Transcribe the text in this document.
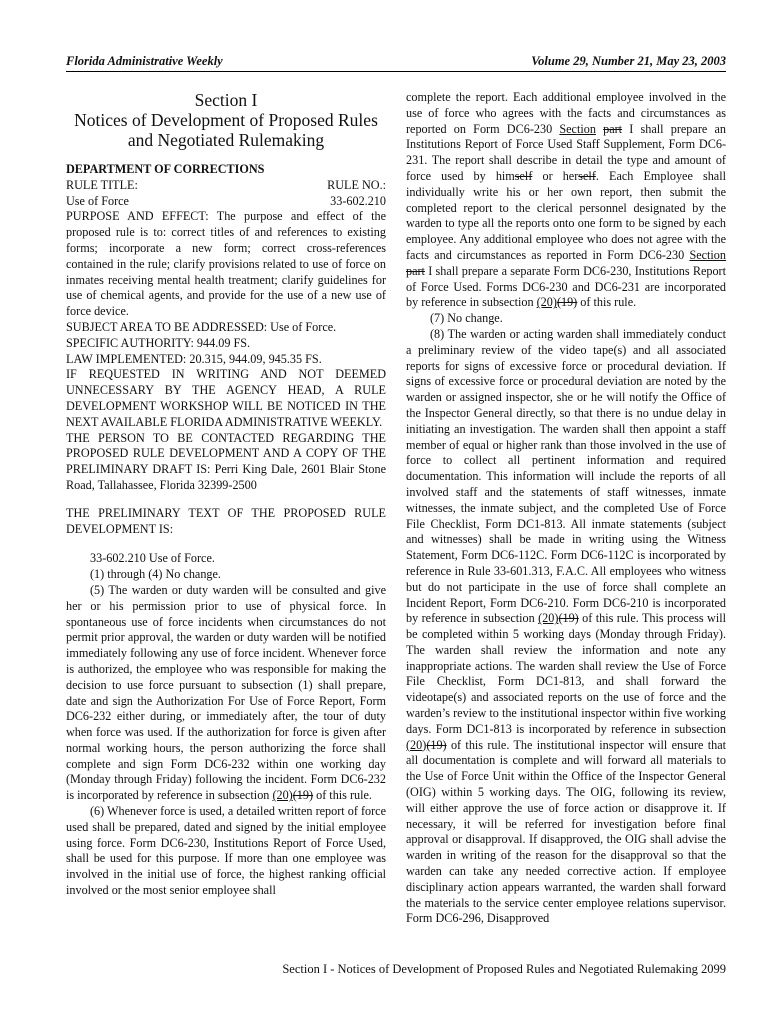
Florida Administrative Weekly	Volume 29, Number 21, May 23, 2003
Section I
Notices of Development of Proposed Rules
and Negotiated Rulemaking

DEPARTMENT OF CORRECTIONS

RULE TITLE:	RULE NO.:
Use of Force	33-602.210

PURPOSE AND EFFECT: The purpose and effect of the proposed rule is to: correct titles of and references to existing forms; incorporate a new form; correct cross-references contained in the rule; clarify provisions related to use of force on inmates receiving mental health treatment; clarify guidelines for use of chemical agents, and provide for the use of a new use of force device.

SUBJECT AREA TO BE ADDRESSED: Use of Force.

SPECIFIC AUTHORITY: 944.09 FS.

LAW IMPLEMENTED: 20.315, 944.09, 945.35 FS.

IF REQUESTED IN WRITING AND NOT DEEMED UNNECESSARY BY THE AGENCY HEAD, A RULE DEVELOPMENT WORKSHOP WILL BE NOTICED IN THE NEXT AVAILABLE FLORIDA ADMINISTRATIVE WEEKLY.

THE PERSON TO BE CONTACTED REGARDING THE PROPOSED RULE DEVELOPMENT AND A COPY OF THE PRELIMINARY DRAFT IS: Perri King Dale, 2601 Blair Stone Road, Tallahassee, Florida 32399-2500

THE PRELIMINARY TEXT OF THE PROPOSED RULE DEVELOPMENT IS:

33-602.210 Use of Force.

(1) through (4) No change.

(5) The warden or duty warden will be consulted and give her or his permission prior to use of physical force. In spontaneous use of force incidents when circumstances do not permit prior approval, the warden or duty warden will be notified immediately following any use of force incident. Whenever force is authorized, the employee who was responsible for making the decision to use force pursuant to subsection (1) shall prepare, date and sign the Authorization For Use of Force Report, Form DC6-232 either during, or immediately after, the tour of duty when force was used. If the authorization for force is given after normal working hours, the person authorizing the force shall complete and sign Form DC6-232 within one working day (Monday through Friday) following the incident. Form DC6-232 is incorporated by reference in subsection (20)(19) of this rule.

(6) Whenever force is used, a detailed written report of force used shall be prepared, dated and signed by the initial employee using force. Form DC6-230, Institutions Report of Force Used, shall be used for this purpose. If more than one employee was involved in the initial use of force, the highest ranking official involved or the most senior employee shall

complete the report. Each additional employee involved in the use of force who agrees with the facts and circumstances as reported on Form DC6-230 Section part I shall prepare an Institutions Report of Force Used Staff Supplement, Form DC6-231. The report shall describe in detail the type and amount of force used by himself or herself. Each Employee shall individually write his or her own report, then submit the completed report to the clerical personnel designated by the warden to type all the reports onto one form to be signed by each employee. Any additional employee who does not agree with the facts and circumstances as reported in Form DC6-230 Section part I shall prepare a separate Form DC6-230, Institutions Report of Force Used. Forms DC6-230 and DC6-231 are incorporated by reference in subsection (20)(19) of this rule.

(7) No change.

(8) The warden or acting warden shall immediately conduct a preliminary review of the video tape(s) and all associated reports for signs of excessive force or procedural deviation. If signs of excessive force or procedural deviation are noted by the warden or assigned inspector, she or he will notify the Office of the Inspector General directly, so that there is no undue delay in initiating an investigation. The warden shall then appoint a staff member of equal or higher rank than those involved in the use of force to collect all pertinent information and required documentation. This information will include the reports of all involved staff and the statements of staff witnesses, inmate witnesses, the inmate subject, and the completed Use of Force File Checklist, Form DC1-813. All inmate statements (subject and witnesses) shall be made in writing using the Witness Statement, Form DC6-112C. Form DC6-112C is incorporated by reference in Rule 33-601.313, F.A.C. All employees who witness but do not participate in the use of force shall complete an Incident Report, Form DC6-210. Form DC6-210 is incorporated by reference in subsection (20)(19) of this rule. This process will be completed within 5 working days (Monday through Friday). The warden shall review the information and note any inappropriate actions. The warden shall review the Use of Force File Checklist, Form DC1-813, and shall forward the videotape(s) and associated reports on the use of force and the warden’s review to the institutional inspector within five working days. Form DC1-813 is incorporated by reference in subsection (20)(19) of this rule. The institutional inspector will ensure that all documentation is complete and will forward all materials to the Use of Force Unit within the Office of the Inspector General (OIG) within 5 working days. The OIG, following its review, will either approve the use of force action or disapprove it. If necessary, it will be referred for investigation before final approval or disapproval. If disapproved, the OIG shall advise the warden in writing of the reason for the disapproval so that the warden can take any needed corrective action. If employee disciplinary action appears warranted, the warden shall forward the materials to the service center employee relations supervisor. Form DC6-296, Disapproved

Section I - Notices of Development of Proposed Rules and Negotiated Rulemaking 2099
